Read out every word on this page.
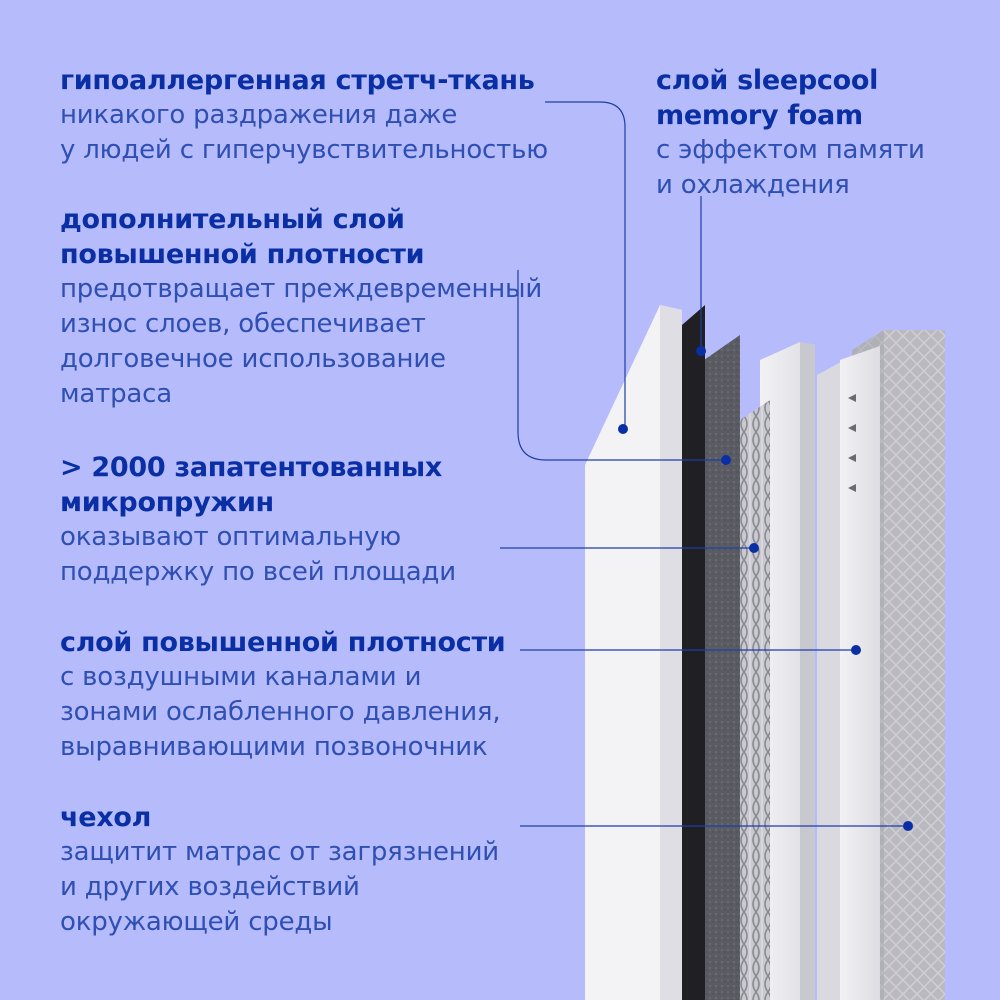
гипоаллергенная стретч-ткань
никакого раздражения даже
у людей с гиперчувствительностью
дополнительный слой
повышенной плотности
предотвращает преждевременный
износ слоев, обеспечивает
долговечное использование
матраса
> 2000 запатентованных
микропружин
оказывают оптимальную
поддержку по всей площади
слой повышенной плотности
с воздушными каналами и
зонами ослабленного давления,
выравнивающими позвоночник
чехол
защитит матрас от загрязнений
и других воздействий
окружающей среды
слой sleepcool
memory foam
с эффектом памяти
и охлаждения
